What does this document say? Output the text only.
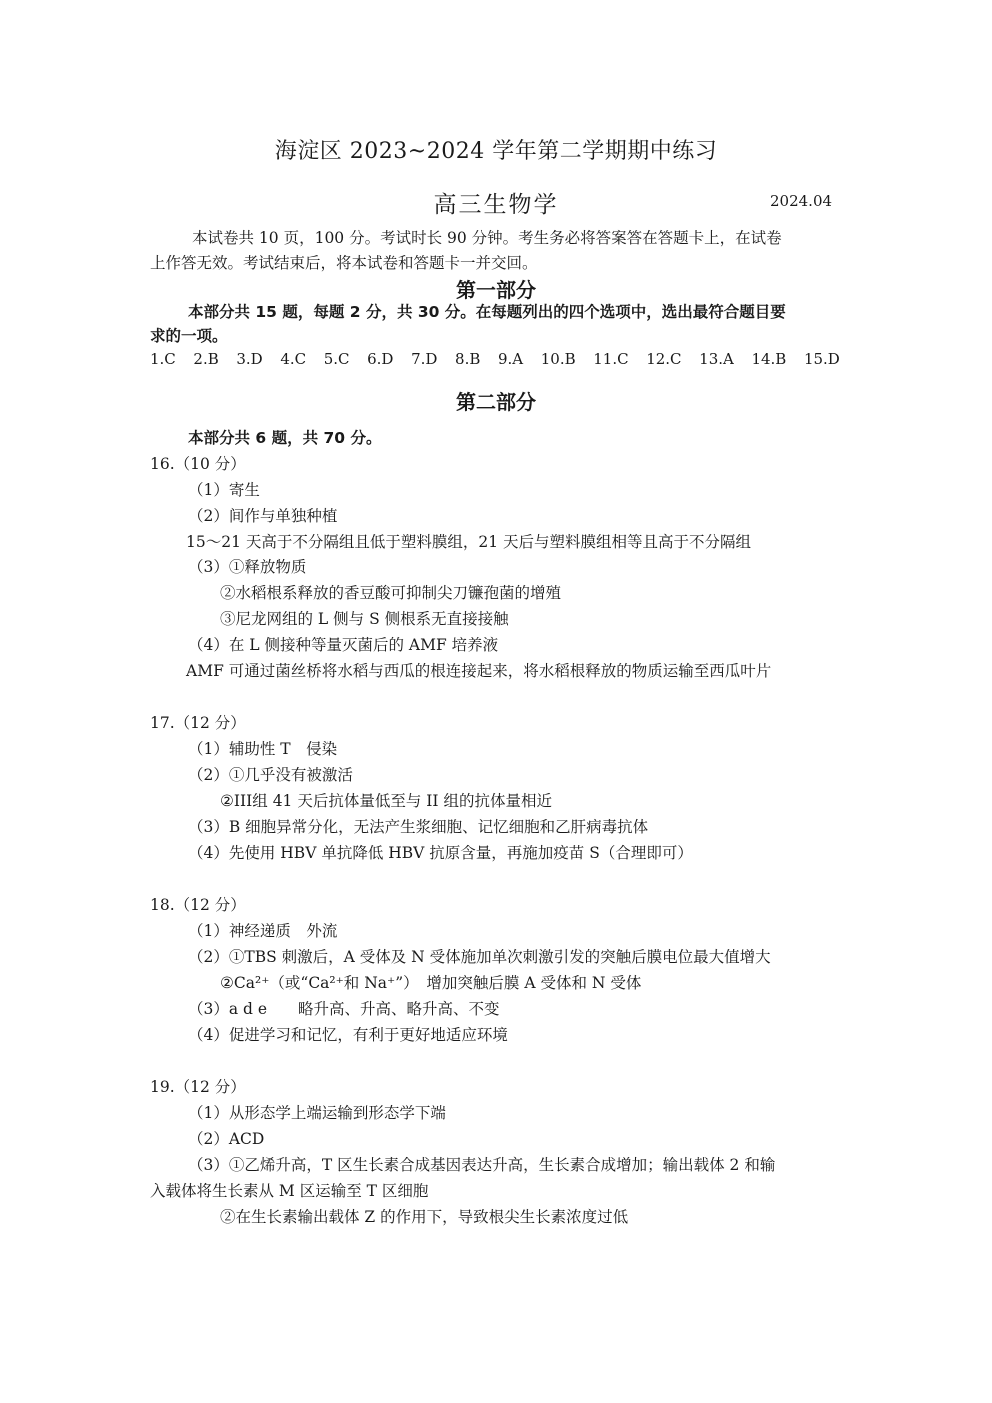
海淀区 2023~2024 学年第二学期期中练习
高三生物学	2024.04
本试卷共 10 页，100 分。考试时长 90 分钟。考生务必将答案答在答题卡上，在试卷
上作答无效。考试结束后，将本试卷和答题卡一并交回。
第一部分
本部分共 15 题，每题 2 分，共 30 分。在每题列出的四个选项中，选出最符合题目要
求的一项。
1.C 2.B 3.D 4.C 5.C 6.D 7.D 8.B 9.A 10.B 11.C 12.C 13.A 14.B 15.D
第二部分
本部分共 6 题，共 70 分。
16.（10 分）
（1）寄生
（2）间作与单独种植
15～21 天高于不分隔组且低于塑料膜组，21 天后与塑料膜组相等且高于不分隔组
（3）①释放物质
②水稻根系释放的香豆酸可抑制尖刀镰孢菌的增殖
③尼龙网组的 L 侧与 S 侧根系无直接接触
（4）在 L 侧接种等量灭菌后的 AMF 培养液
AMF 可通过菌丝桥将水稻与西瓜的根连接起来，将水稻根释放的物质运输至西瓜叶片
17.（12 分）
（1）辅助性 T　侵染
（2）①几乎没有被激活
②III组 41 天后抗体量低至与 II 组的抗体量相近
（3）B 细胞异常分化，无法产生浆细胞、记忆细胞和乙肝病毒抗体
（4）先使用 HBV 单抗降低 HBV 抗原含量，再施加疫苗 S（合理即可）
18.（12 分）
（1）神经递质　外流
（2）①TBS 刺激后，A 受体及 N 受体施加单次刺激引发的突触后膜电位最大值增大
②Ca²⁺（或“Ca²⁺和 Na⁺”）　增加突触后膜 A 受体和 N 受体
（3）a d e　　略升高、升高、略升高、不变
（4）促进学习和记忆，有利于更好地适应环境
19.（12 分）
（1）从形态学上端运输到形态学下端
（2）ACD
（3）①乙烯升高，T 区生长素合成基因表达升高，生长素合成增加；输出载体 2 和输
入载体将生长素从 M 区运输至 T 区细胞
②在生长素输出载体 Z 的作用下，导致根尖生长素浓度过低
